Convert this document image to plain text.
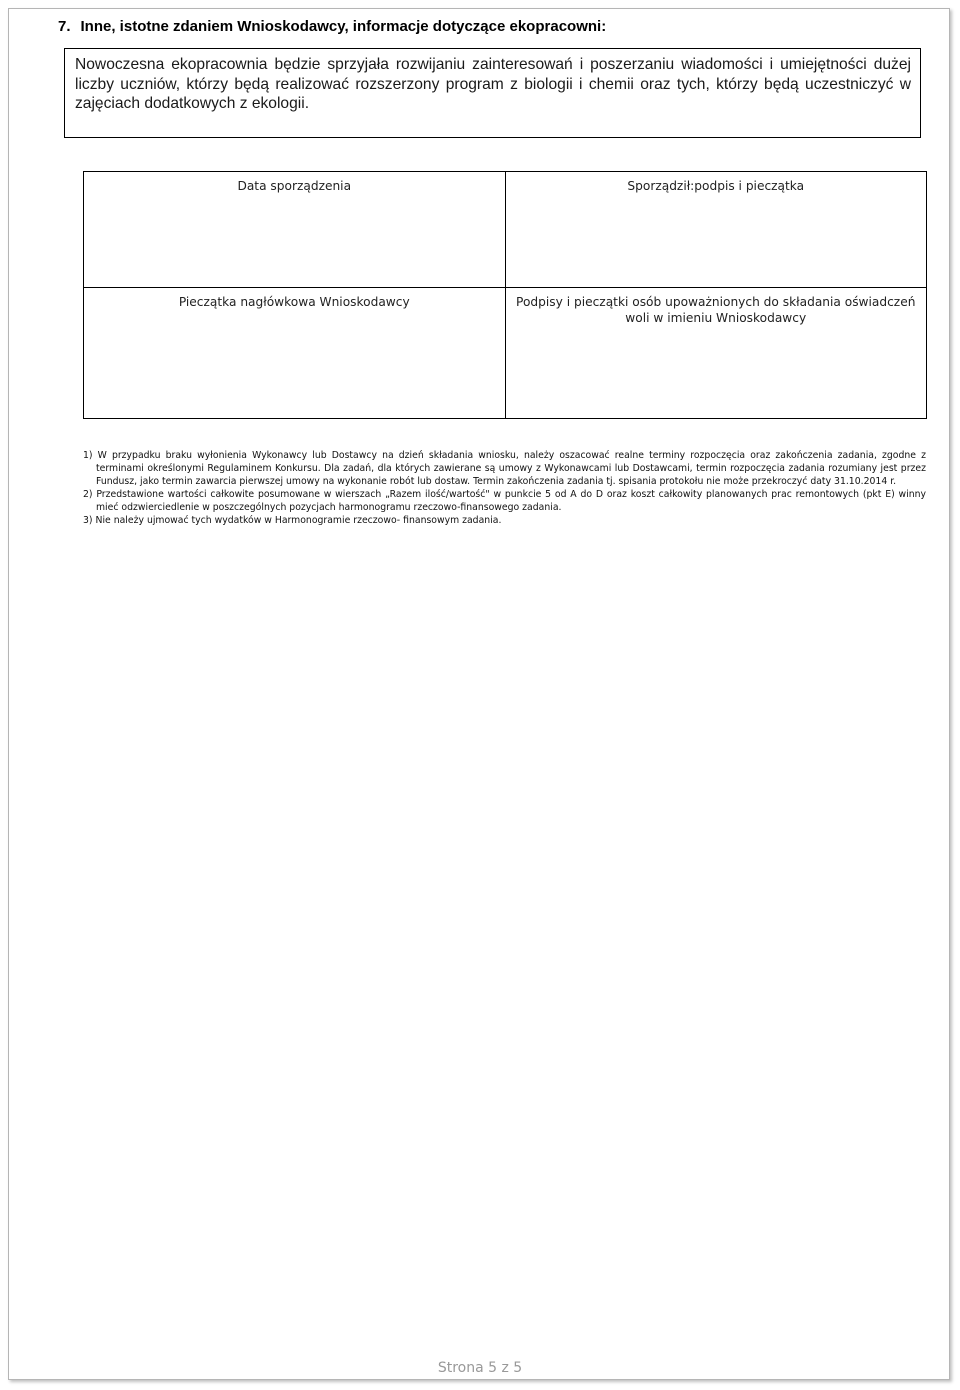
7. Inne, istotne zdaniem Wnioskodawcy, informacje dotyczące ekopracowni:
Nowoczesna ekopracownia będzie sprzyjała rozwijaniu zainteresowań i poszerzaniu wiadomości i umiejętności dużej liczby uczniów, którzy będą realizować rozszerzony program z biologii i chemii oraz tych, którzy będą uczestniczyć w zajęciach dodatkowych z ekologii.
Data sporządzenia	Sporządził:podpis i pieczątka
Pieczątka nagłówkowa Wnioskodawcy	Podpisy i pieczątki osób upoważnionych do składania oświadczeń woli w imieniu Wnioskodawcy

1) W przypadku braku wyłonienia Wykonawcy lub Dostawcy na dzień składania wniosku, należy oszacować realne terminy rozpoczęcia oraz zakończenia zadania, zgodne z terminami określonymi Regulaminem Konkursu. Dla zadań, dla których zawierane są umowy z Wykonawcami lub Dostawcami, termin rozpoczęcia zadania rozumiany jest przez Fundusz, jako termin zawarcia pierwszej umowy na wykonanie robót lub dostaw. Termin zakończenia zadania tj. spisania protokołu nie może przekroczyć daty 31.10.2014 r.

2) Przedstawione wartości całkowite posumowane w wierszach „Razem ilość/wartość" w punkcie 5 od A do D oraz koszt całkowity planowanych prac remontowych (pkt E) winny mieć odzwierciedlenie w poszczególnych pozycjach harmonogramu rzeczowo-finansowego zadania.

3) Nie należy ujmować tych wydatków w Harmonogramie rzeczowo- finansowym zadania.

Strona 5 z 5
